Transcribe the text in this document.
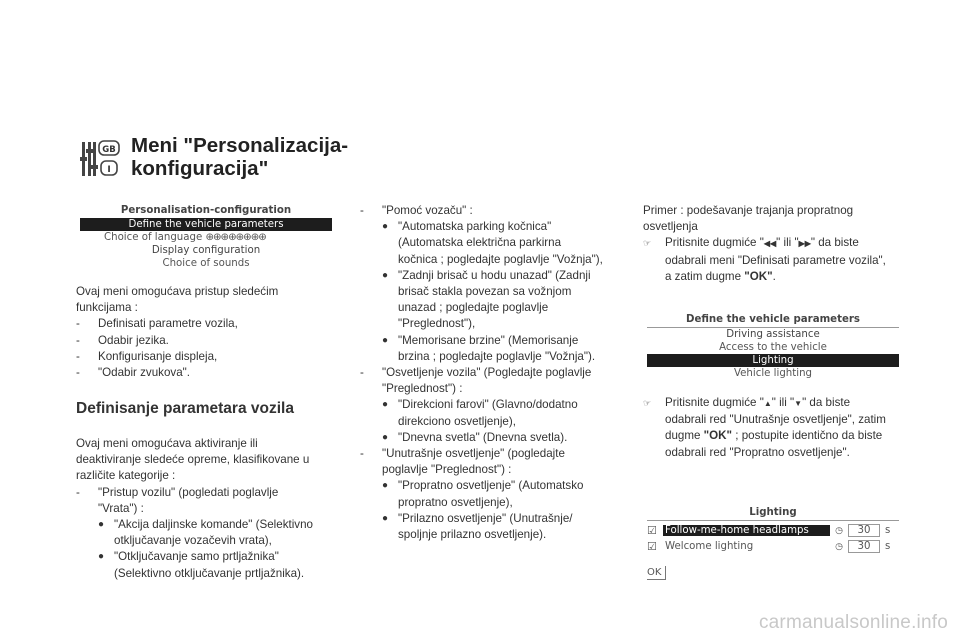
GB
I
Meni "Personalizacija-
konfiguracija"
Personalisation-configuration
Define the vehicle parameters
Choice of language ⊕⊕⊕⊕⊕⊕⊕⊕
Display configuration
Choice of sounds

Ovaj meni omogućava pristup sledećim

funkcijama :

-	Definisati parametre vozila,
-	Odabir jezika.
-	Konfigurisanje displeja,
-	"Odabir zvukova".
Definisanje parametara vozila

Ovaj meni omogućava aktiviranje ili

deaktiviranje sledeće opreme, klasifikovane u

različite kategorije :

-	"Pristup vozilu" (pogledati poglavlje
"Vrata") :
● "Akcija daljinske komande" (Selektivno
otključavanje vozačevih vrata),
● "Otključavanje samo prtljažnika"
(Selektivno otključavanje prtljažnika).
-	"Pomoć vozaču" :
● "Automatska parking kočnica"
(Automatska električna parkirna
kočnica ; pogledajte poglavlje "Vožnja"),
● "Zadnji brisač u hodu unazad" (Zadnji
brisač stakla povezan sa vožnjom
unazad ; pogledajte poglavlje
"Preglednost"),
● "Memorisane brzine" (Memorisanje
brzina ; pogledajte poglavlje "Vožnja").
-	"Osvetljenje vozila" (Pogledajte poglavlje
"Preglednost") :
● "Direkcioni farovi" (Glavno/dodatno
direkciono osvetljenje),
● "Dnevna svetla" (Dnevna svetla).
-	"Unutrašnje osvetljenje" (pogledajte
poglavlje "Preglednost") :
● "Propratno osvetljenje" (Automatsko
propratno osvetljenje),
● "Prilazno osvetljenje" (Unutrašnje/
spoljnje prilazno osvetljenje).

Primer : podešavanje trajanja propratnog

osvetljenja

☞	Pritisnite dugmiće "◀◀" ili "▶▶" da biste
odabrali meni "Definisati parametre vozila",
a zatim dugme "OK".
Define the vehicle parameters
Driving assistance
Access to the vehicle
Lighting
Vehicle lighting
☞	Pritisnite dugmiće "▲" ili "▼" da biste
odabrali red "Unutrašnje osvetljenje", zatim
dugme "OK" ; postupite identično da biste
odabrali red "Propratno osvetljenje".
Lighting
☑ Follow-me-home headlamps	◷	30	s
☑ Welcome lighting	◷	30	s
OK
carmanualsonline.info
